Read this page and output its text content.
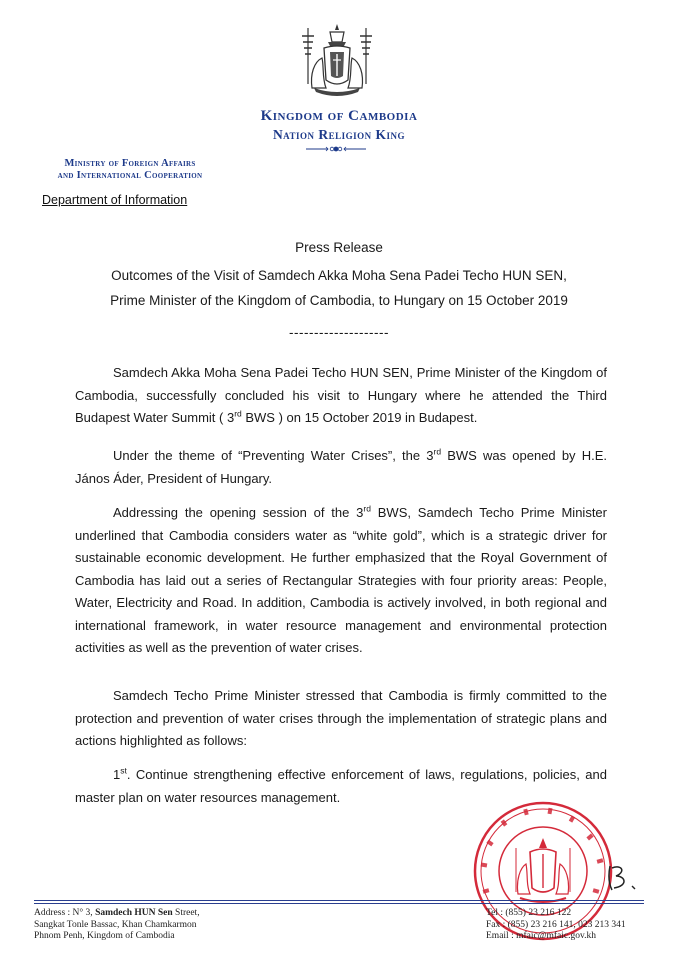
Kingdom of Cambodia
Nation Religion King
Ministry of Foreign Affairs
and International Cooperation
Department of Information
Press Release
Outcomes of the Visit of Samdech Akka Moha Sena Padei Techo HUN SEN,
Prime Minister of the Kingdom of Cambodia, to Hungary on 15 October 2019
--------------------
Samdech Akka Moha Sena Padei Techo HUN SEN, Prime Minister of the Kingdom of Cambodia, successfully concluded his visit to Hungary where he attended the Third Budapest Water Summit ( 3rd BWS ) on 15 October 2019 in Budapest.
Under the theme of “Preventing Water Crises”, the 3rd BWS was opened by H.E. János Áder, President of Hungary.
Addressing the opening session of the 3rd BWS, Samdech Techo Prime Minister underlined that Cambodia considers water as “white gold”, which is a strategic driver for sustainable economic development. He further emphasized that the Royal Government of Cambodia has laid out a series of Rectangular Strategies with four priority areas: People, Water, Electricity and Road. In addition, Cambodia is actively involved, in both regional and international framework, in water resource management and environmental protection activities as well as the prevention of water crises.
Samdech Techo Prime Minister stressed that Cambodia is firmly committed to the protection and prevention of water crises through the implementation of strategic plans and actions highlighted as follows:
1st. Continue strengthening effective enforcement of laws, regulations, policies, and master plan on water resources management.
Address : N° 3, Samdech HUN Sen Street,
Sangkat Tonle Bassac, Khan Chamkarmon
Phnom Penh, Kingdom of Cambodia
Tel : (855) 23 216 122
Fax : (855) 23 216 141, 023 213 341
Email : mfaic@mfaic.gov.kh
